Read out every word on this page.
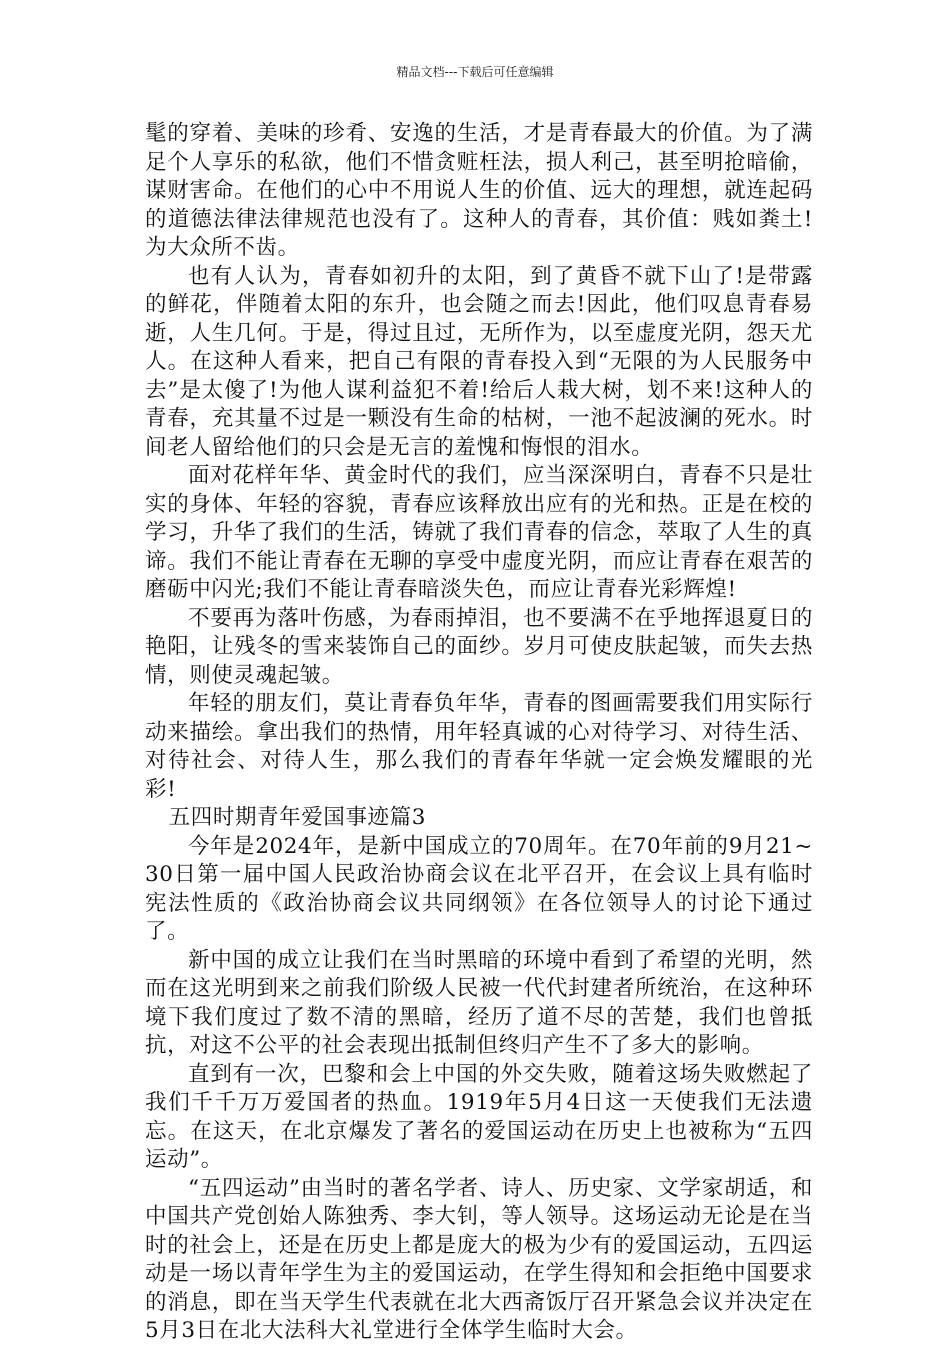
精品文档---下载后可任意编辑

髦的穿着、美味的珍肴、安逸的生活，才是青春最大的价值。为了满足个人享乐的私欲，他们不惜贪赃枉法，损人利己，甚至明抢暗偷，谋财害命。在他们的心中不用说人生的价值、远大的理想，就连起码的道德法律法律规范也没有了。这种人的青春，其价值：贱如粪土!为大众所不齿。

也有人认为，青春如初升的太阳，到了黄昏不就下山了!是带露的鲜花，伴随着太阳的东升，也会随之而去!因此，他们叹息青春易逝，人生几何。于是，得过且过，无所作为，以至虚度光阴，怨天尤人。在这种人看来，把自己有限的青春投入到“无限的为人民服务中去”是太傻了!为他人谋利益犯不着!给后人栽大树，划不来!这种人的青春，充其量不过是一颗没有生命的枯树，一池不起波澜的死水。时间老人留给他们的只会是无言的羞愧和悔恨的泪水。

面对花样年华、黄金时代的我们，应当深深明白，青春不只是壮实的身体、年轻的容貌，青春应该释放出应有的光和热。正是在校的学习，升华了我们的生活，铸就了我们青春的信念，萃取了人生的真谛。我们不能让青春在无聊的享受中虚度光阴，而应让青春在艰苦的磨砺中闪光;我们不能让青春暗淡失色，而应让青春光彩辉煌!

不要再为落叶伤感，为春雨掉泪，也不要满不在乎地挥退夏日的艳阳，让残冬的雪来装饰自己的面纱。岁月可使皮肤起皱，而失去热情，则使灵魂起皱。

年轻的朋友们，莫让青春负年华，青春的图画需要我们用实际行动来描绘。拿出我们的热情，用年轻真诚的心对待学习、对待生活、对待社会、对待人生，那么我们的青春年华就一定会焕发耀眼的光彩!

五四时期青年爱国事迹篇3

今年是2024年，是新中国成立的70周年。在70年前的9月21~30日第一届中国人民政治协商会议在北平召开，在会议上具有临时宪法性质的《政治协商会议共同纲领》在各位领导人的讨论下通过了。

新中国的成立让我们在当时黑暗的环境中看到了希望的光明，然而在这光明到来之前我们阶级人民被一代代封建者所统治，在这种环境下我们度过了数不清的黑暗，经历了道不尽的苦楚，我们也曾抵抗，对这不公平的社会表现出抵制但终归产生不了多大的影响。

直到有一次，巴黎和会上中国的外交失败，随着这场失败燃起了我们千千万万爱国者的热血。1919年5月4日这一天使我们无法遗忘。在这天，在北京爆发了著名的爱国运动在历史上也被称为“五四运动”。

“五四运动”由当时的著名学者、诗人、历史家、文学家胡适，和中国共产党创始人陈独秀、李大钊，等人领导。这场运动无论是在当时的社会上，还是在历史上都是庞大的极为少有的爱国运动，五四运动是一场以青年学生为主的爱国运动，在学生得知和会拒绝中国要求的消息，即在当天学生代表就在北大西斋饭厅召开紧急会议并决定在5月3日在北大法科大礼堂进行全体学生临时大会。
